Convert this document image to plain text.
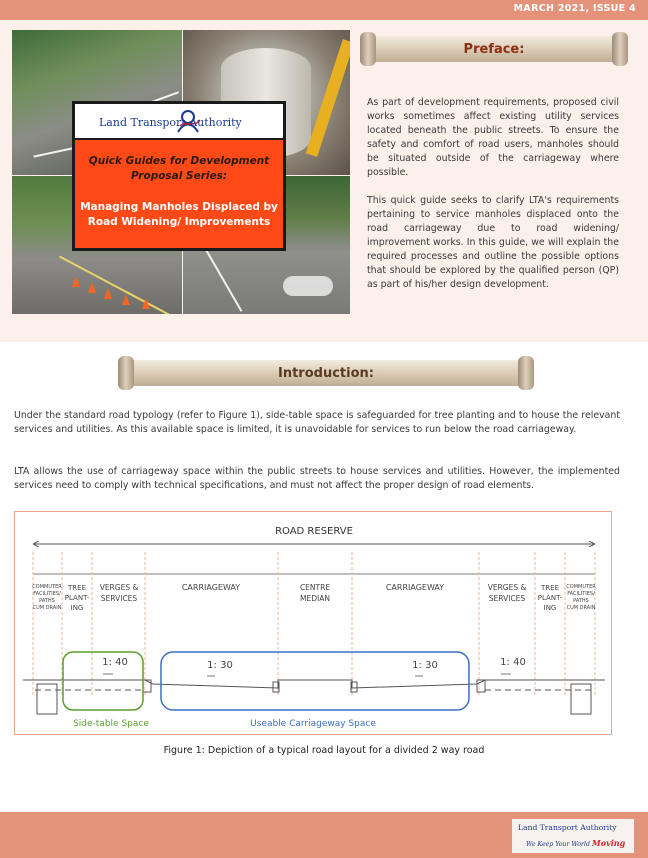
MARCH 2021, ISSUE 4
Land Transport Authority
Quick Guides for Development Proposal Series:
Managing Manholes Displaced by Road Widening/ Improvements
Preface:

As part of development requirements, proposed civil works sometimes affect existing utility services located beneath the public streets. To ensure the safety and comfort of road users, manholes should be situated outside of the carriageway where possible.

This quick guide seeks to clarify LTA's requirements pertaining to service manholes displaced onto the road carriageway due to road widening/ improvement works. In this guide, we will explain the required processes and outline the possible options that should be explored by the qualified person (QP) as part of his/her design development.

Introduction:

Under the standard road typology (refer to Figure 1), side-table space is safeguarded for tree planting and to house the relevant services and utilities. As this available space is limited, it is unavoidable for services to run below the road carriageway.

LTA allows the use of carriageway space within the public streets to house services and utilities. However, the implemented services need to comply with technical specifications, and must not affect the proper design of road elements.

ROAD RESERVE
COMMUTER FACILITIES/ PATHS CUM DRAIN
TREE PLANT-ING
VERGES & SERVICES
CARRIAGEWAY	CENTRE MEDIAN
CARRIAGEWAY	VERGES & SERVICES
TREE PLANT-ING
COMMUTER FACILITIES/ PATHS CUM DRAIN
1: 40	1: 30	1: 30	1: 40
Side-table Space	Useable Carriageway Space
Figure 1: Depiction of a typical road layout for a divided 2 way road
Land Transport Authority
We Keep Your World Moving
